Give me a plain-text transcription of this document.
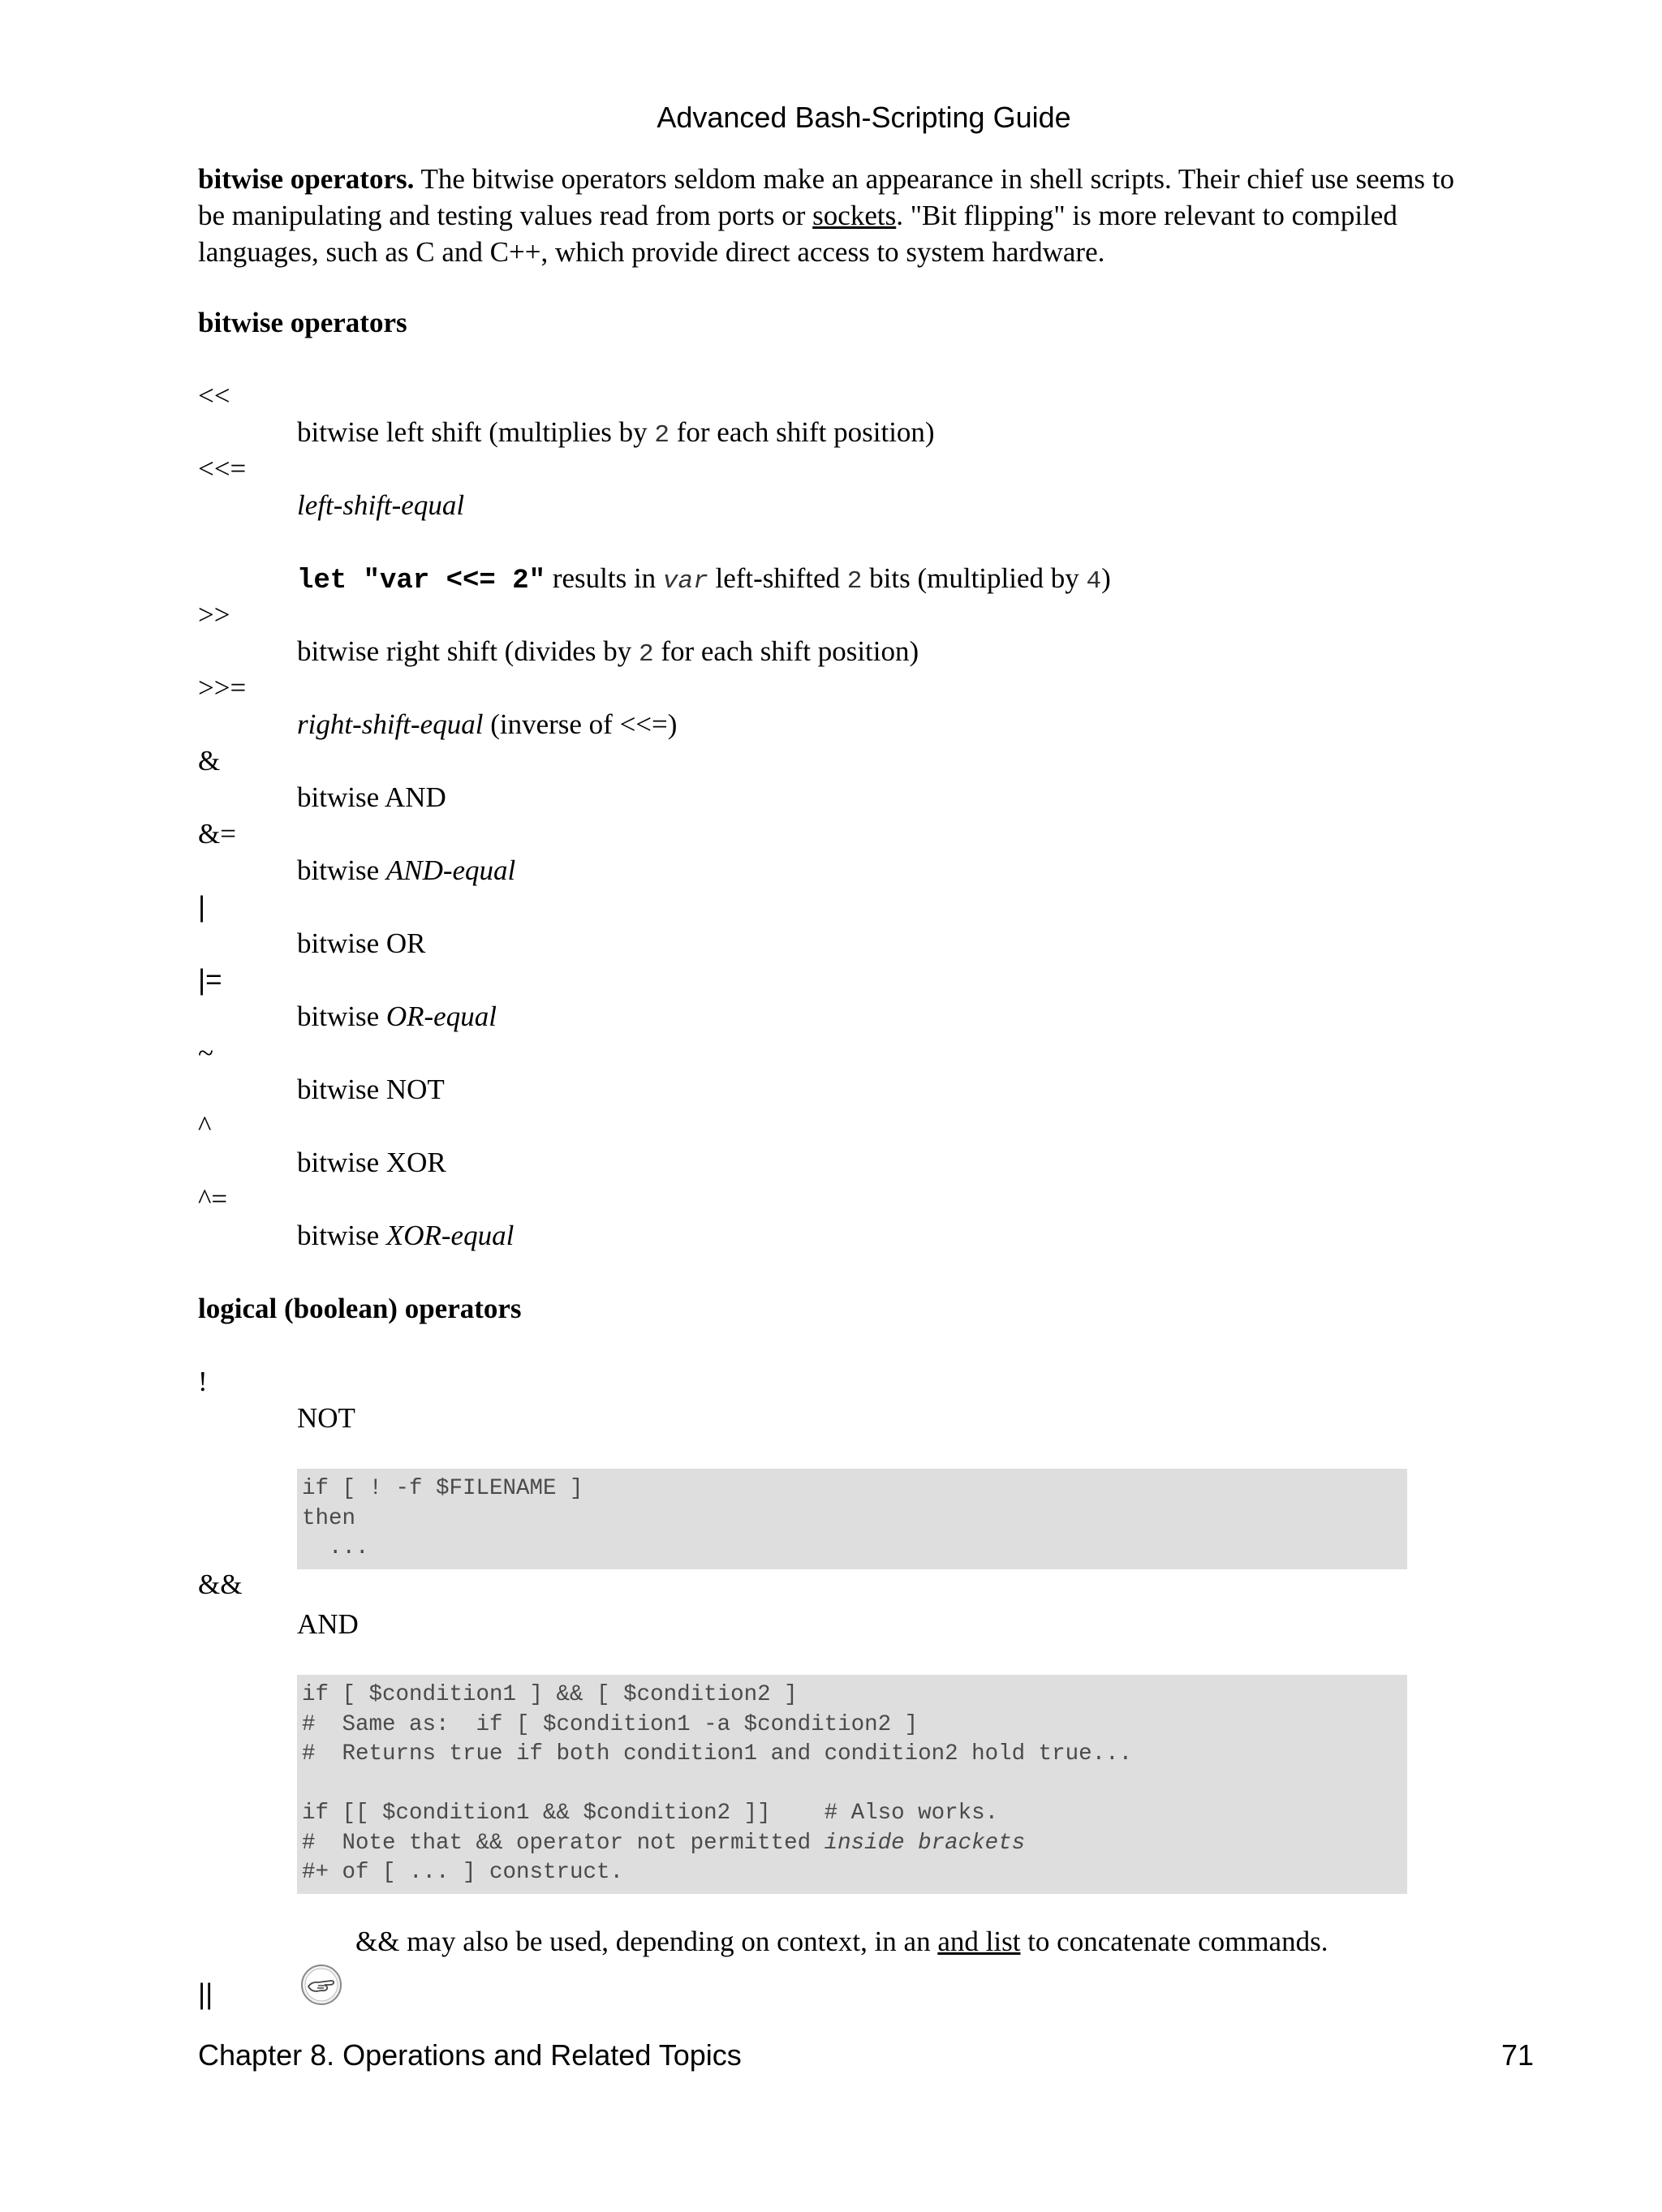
Advanced Bash-Scripting Guide
bitwise operators. The bitwise operators seldom make an appearance in shell scripts. Their chief use seems to
be manipulating and testing values read from ports or sockets. "Bit flipping" is more relevant to compiled
languages, such as C and C++, which provide direct access to system hardware.
bitwise operators
<<
bitwise left shift (multiplies by 2 for each shift position)
<<=
left-shift-equal
let "var <<= 2" results in var left-shifted 2 bits (multiplied by 4)
>>
bitwise right shift (divides by 2 for each shift position)
>>=
right-shift-equal (inverse of <<=)
&
bitwise AND
&=
bitwise AND-equal
|
bitwise OR
|=
bitwise OR-equal
~
bitwise NOT
^
bitwise XOR
^=
bitwise XOR-equal
logical (boolean) operators
!
NOT
if [ ! -f $FILENAME ]
then
...
&&
AND
if [ $condition1 ] && [ $condition2 ]
#  Same as:  if [ $condition1 -a $condition2 ]
#  Returns true if both condition1 and condition2 hold true...
if [[ $condition1 && $condition2 ]]    # Also works.
#  Note that && operator not permitted inside brackets
#+ of [ ... ] construct.
&& may also be used, depending on context, in an and list to concatenate commands.
||
Chapter 8. Operations and Related Topics	71
